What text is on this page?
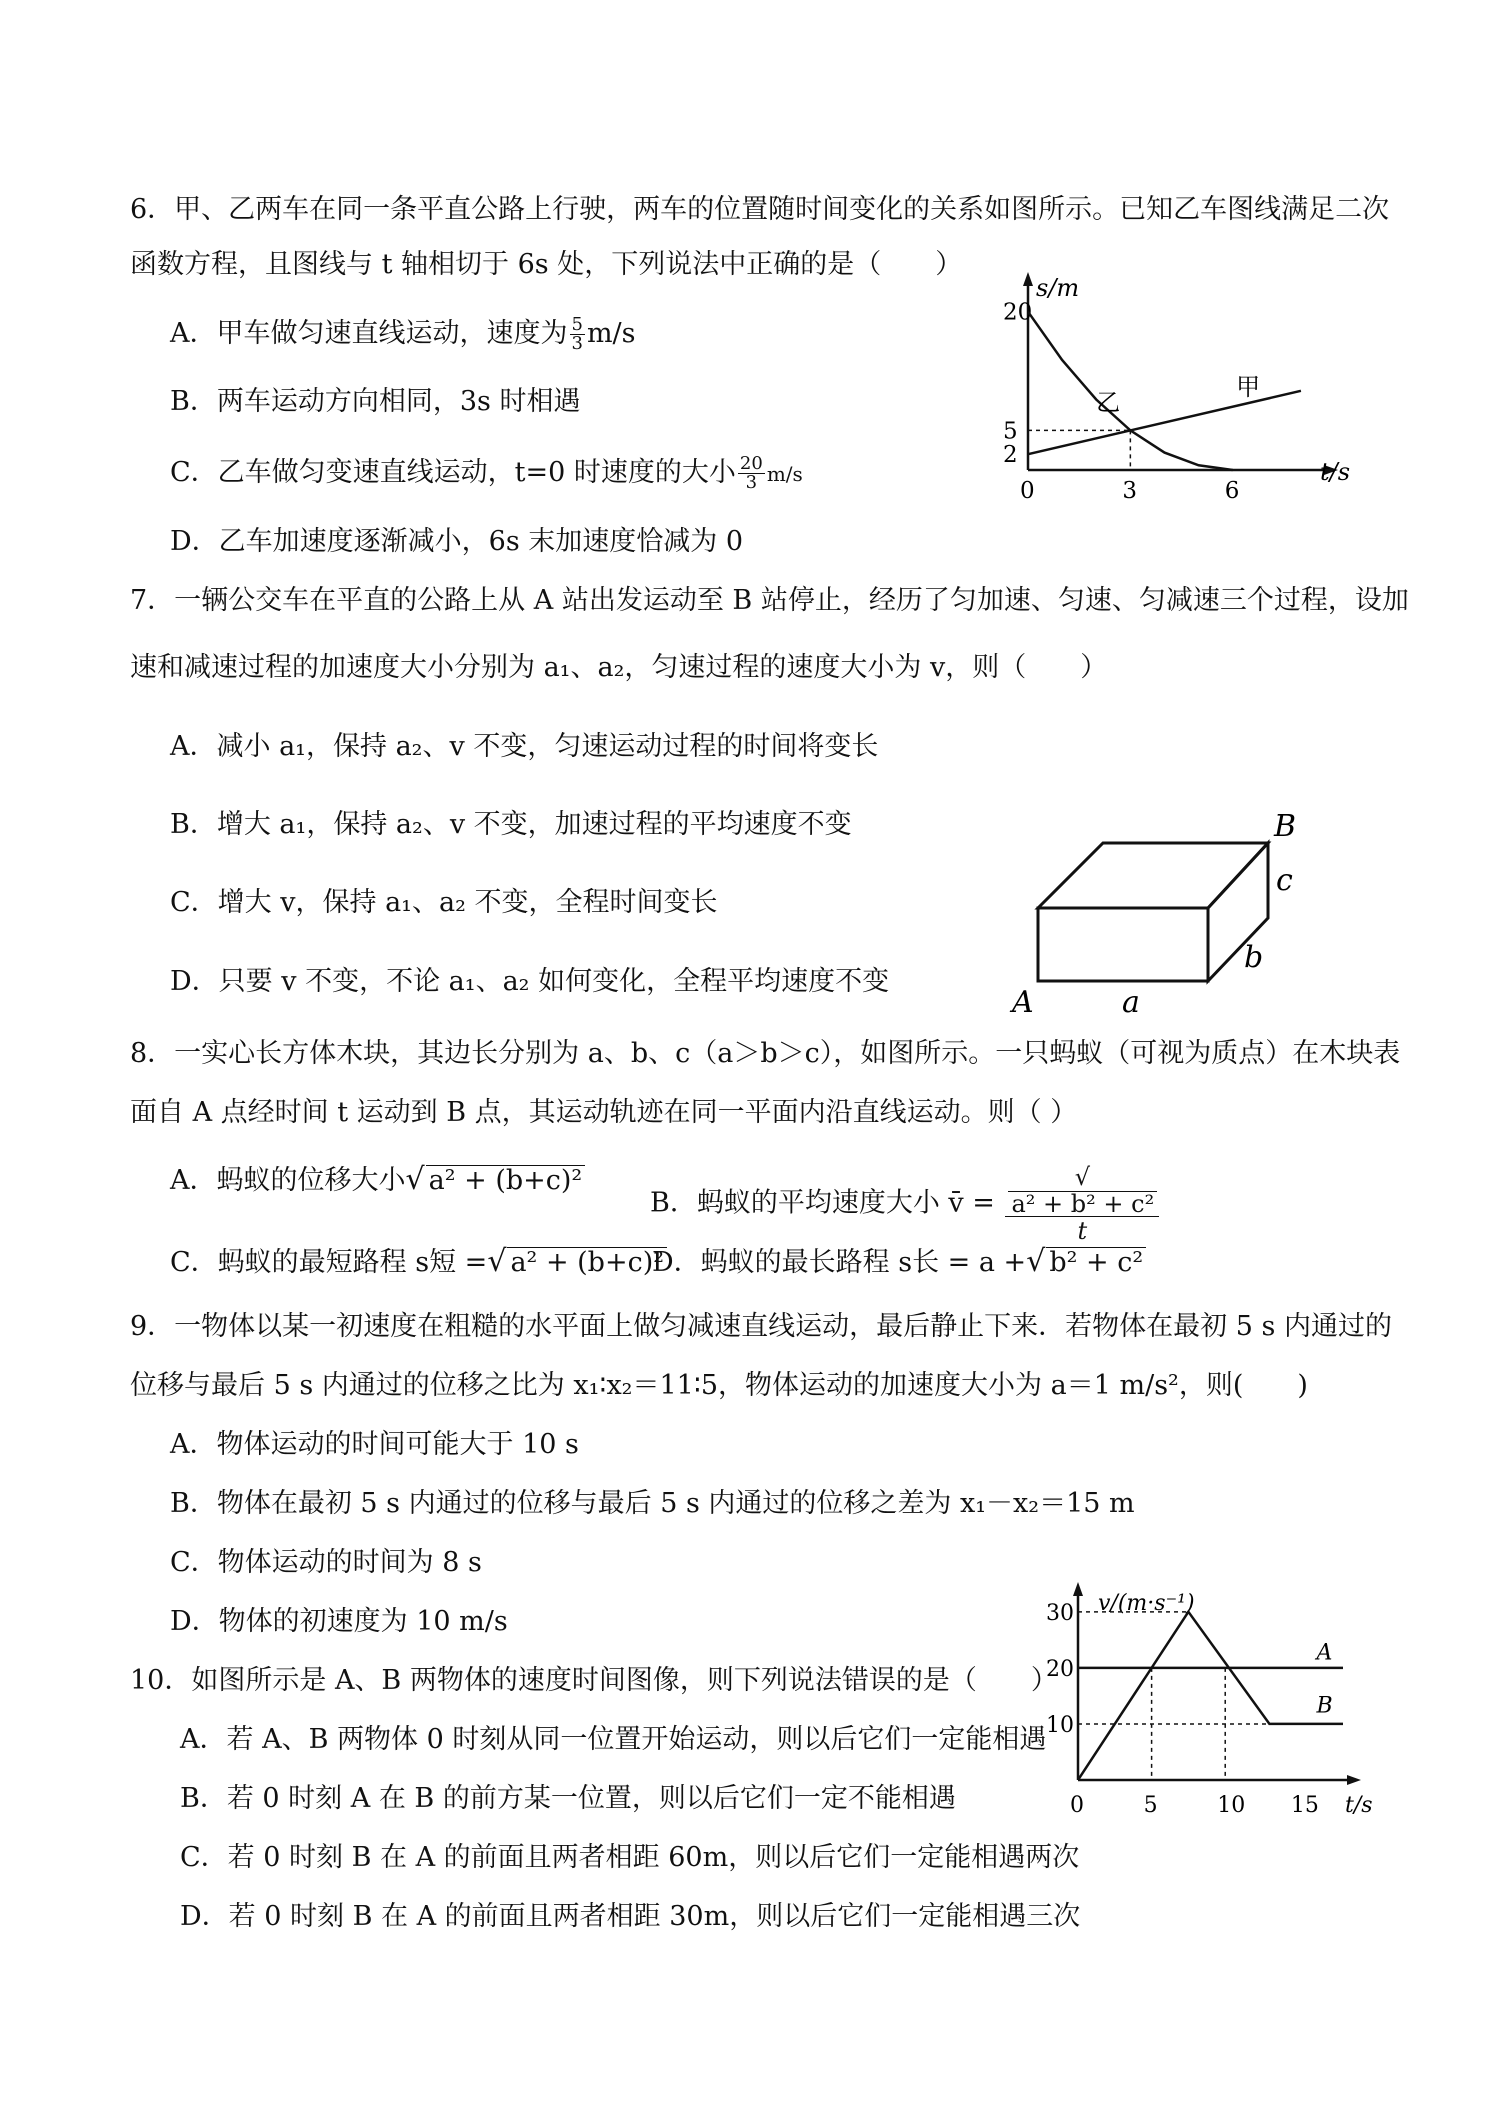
6．甲、乙两车在同一条平直公路上行驶，两车的位置随时间变化的关系如图所示。已知乙车图线满足二次
函数方程，且图线与 t 轴相切于 6s 处，下列说法中正确的是（　　）
A．甲车做匀速直线运动，速度为 $\frac{5}{3} m/s$
B．两车运动方向相同，3s 时相遇
C．乙车做匀变速直线运动，t=0 时速度的大小 $\frac{20}{3} m/s$
D．乙车加速度逐渐减小，6s 末加速度恰减为 0
s/m
t/s
0	3	6
2
5
20
甲
乙
7．一辆公交车在平直的公路上从 A 站出发运动至 B 站停止，经历了匀加速、匀速、匀减速三个过程，设加
速和减速过程的加速度大小分别为 a₁、a₂，匀速过程的速度大小为 v，则（　　）
A．减小 a₁，保持 a₂、v 不变，匀速运动过程的时间将变长
B．增大 a₁，保持 a₂、v 不变，加速过程的平均速度不变
C．增大 v，保持 a₁、a₂ 不变，全程时间变长
D．只要 v 不变，不论 a₁、a₂ 如何变化，全程平均速度不变
A
B
a
b
c
8．一实心长方体木块，其边长分别为 a、b、c（a＞b＞c），如图所示。一只蚂蚁（可视为质点）在木块表
面自 A 点经时间 t 运动到 B 点，其运动轨迹在同一平面内沿直线运动。则（ ）
A．蚂蚁的位移大小√ a² + (b+c)²
B．蚂蚁的平均速度大小 v̄ = √
a² + b² + c²
t
C．蚂蚁的最短路程 s短 =√ a² + (b+c)²
D．蚂蚁的最长路程 s长 = a +√ b² + c²
9．一物体以某一初速度在粗糙的水平面上做匀减速直线运动，最后静止下来．若物体在最初 5 s 内通过的
位移与最后 5 s 内通过的位移之比为 x₁∶x₂＝11∶5，物体运动的加速度大小为 a＝1 m/s²，则(　　)
A．物体运动的时间可能大于 10 s
B．物体在最初 5 s 内通过的位移与最后 5 s 内通过的位移之差为 x₁－x₂＝15 m
C．物体运动的时间为 8 s
D．物体的初速度为 10 m/s
10．如图所示是 A、B 两物体的速度时间图像，则下列说法错误的是（　　）
A．若 A、B 两物体 0 时刻从同一位置开始运动，则以后它们一定能相遇
B．若 0 时刻 A 在 B 的前方某一位置，则以后它们一定不能相遇
C．若 0 时刻 B 在 A 的前面且两者相距 60m，则以后它们一定能相遇两次
D．若 0 时刻 B 在 A 的前面且两者相距 30m，则以后它们一定能相遇三次
v/(m·s⁻¹)
t/s
0	5	10 15
10
20
30
A
B
